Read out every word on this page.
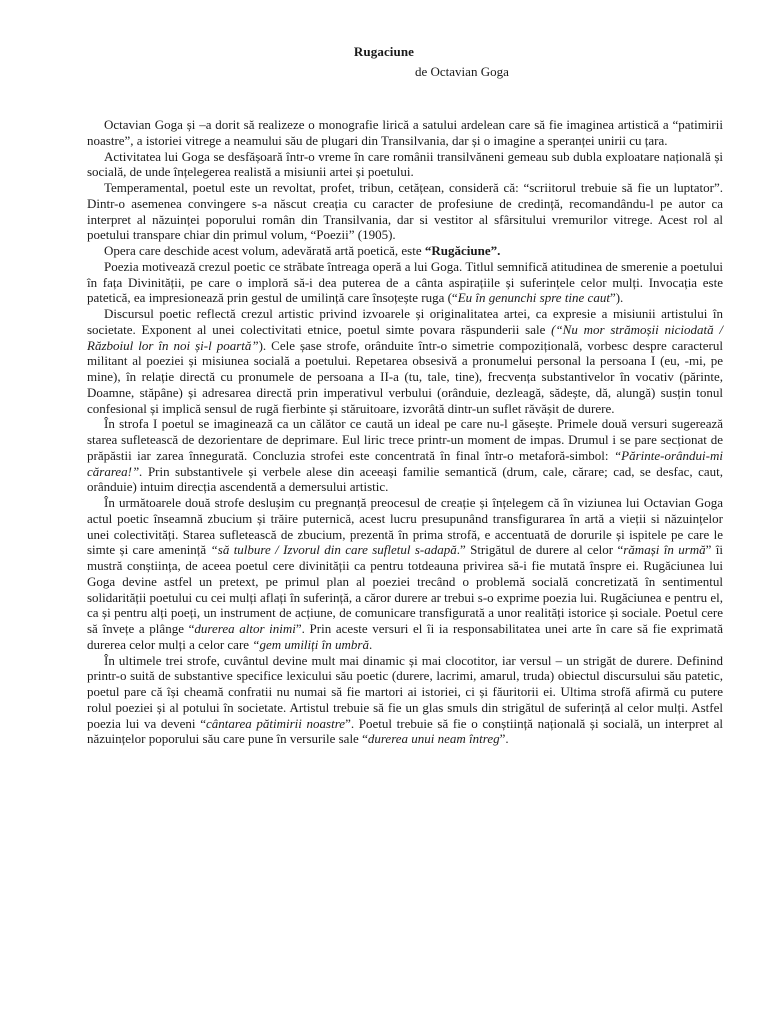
Rugaciune
de Octavian Goga

Octavian Goga și –a dorit să realizeze o monografie lirică a satului ardelean care să fie imaginea artistică a “patimirii noastre”, a istoriei vitrege a neamului său de plugari din Transilvania, dar și o imagine a speranței unirii cu țara.

Activitatea lui Goga se desfășoară într-o vreme în care românii transilvăneni gemeau sub dubla exploatare națională și socială, de unde înțelegerea realistă a misiunii artei și poetului.

Temperamental, poetul este un revoltat, profet, tribun, cetățean, consideră că: “scriitorul trebuie să fie un luptator”. Dintr-o asemenea convingere s-a născut creația cu caracter de profesiune de credință, recomandându-l pe autor ca interpret al năzuinței poporului român din Transilvania, dar si vestitor al sfârsitului vremurilor vitrege. Acest rol al poetului transpare chiar din primul volum, “Poezii” (1905).

Opera care deschide acest volum, adevărată artă poetică, este “Rugăciune”.

Poezia motivează crezul poetic ce străbate întreaga operă a lui Goga. Titlul semnifică atitudinea de smerenie a poetului în fața Divinității, pe care o imploră să-i dea puterea de a cânta aspirațiile și suferințele celor mulți. Invocația este patetică, ea impresionează prin gestul de umilință care însoțește ruga (“Eu în genunchi spre tine caut”).

Discursul poetic reflectă crezul artistic privind izvoarele și originalitatea artei, ca expresie a misiunii artistului în societate. Exponent al unei colectivitati etnice, poetul simte povara răspunderii sale (“Nu mor strămoșii niciodată / Războiul lor în noi și-l poartă”). Cele șase strofe, orânduite într-o simetrie compozițională, vorbesc despre caracterul militant al poeziei și misiunea socială a poetului. Repetarea obsesivă a pronumelui personal la persoana I (eu, -mi, pe mine), în relație directă cu pronumele de persoana a II-a (tu, tale, tine), frecvența substantivelor în vocativ (părinte, Doamne, stăpâne) și adresarea directă prin imperativul verbului (orânduie, dezleagă, sădește, dă, alungă) susțin tonul confesional și implică sensul de rugă fierbinte și stăruitoare, izvorâtă dintr-un suflet răvășit de durere.

În strofa I poetul se imaginează ca un călător ce caută un ideal pe care nu-l găsește. Primele două versuri sugerează starea sufletească de dezorientare de deprimare. Eul liric trece printr-un moment de impas. Drumul i se pare secționat de prăpăstii iar zarea înnegurată. Concluzia strofei este concentrată în final într-o metaforă-simbol: “Părinte-orânduі-mi cărarea!”. Prin substantivele și verbele alese din aceeași familie semantică (drum, cale, cărare; cad, se desfac, caut, orânduie) intuim direcția ascendentă a demersului artistic.

În următoarele două strofe deslușim cu pregnanță preocesul de creație și înțelegem că în viziunea lui Octavian Goga actul poetic înseamnă zbucium și trăire puternică, acest lucru presupunând transfigurarea în artă a vieții si năzuințelor unei colectivități. Starea sufletească de zbucium, prezentă în prima strofă, e accentuată de dorurile și ispitele pe care le simte și care amenință “să tulbure / Izvorul din care sufletul s-adapă.” Strigătul de durere al celor “rămași în urmă” îi mustră conștiința, de aceea poetul cere divinității ca pentru totdeauna privirea să-i fie mutată înspre ei. Rugăciunea lui Goga devine astfel un pretext, pe primul plan al poeziei trecând o problemă socială concretizată în sentimentul solidarității poetului cu cei mulți aflați în suferință, a căror durere ar trebui s-o exprime poezia lui. Rugăciunea e pentru el, ca și pentru alți poeți, un instrument de acțiune, de comunicare transfigurată a unor realități istorice și sociale. Poetul cere să învețe a plânge “durerea altor inimi”. Prin aceste versuri el îi ia responsabilitatea unei arte în care să fie exprimată durerea celor mulți a celor care “gem umiliți în umbră.

În ultimele trei strofe, cuvântul devine mult mai dinamic și mai clocotitor, iar versul – un strigăt de durere. Definind printr-o suită de substantive specifice lexicului său poetic (durere, lacrimi, amarul, truda) obiectul discursului său patetic, poetul pare că își cheamă confratii nu numai să fie martori ai istoriei, ci și făuritorii ei. Ultima strofă afirmă cu putere rolul poeziei și al potului în societate. Artistul trebuie să fie un glas smuls din strigătul de suferință al celor mulți. Astfel poezia lui va deveni “cântarea pătimirii noastre”. Poetul trebuie să fie o conștiință națională și socială, un interpret al năzuințelor poporului său care pune în versurile sale “durerea unui neam întreg”.
